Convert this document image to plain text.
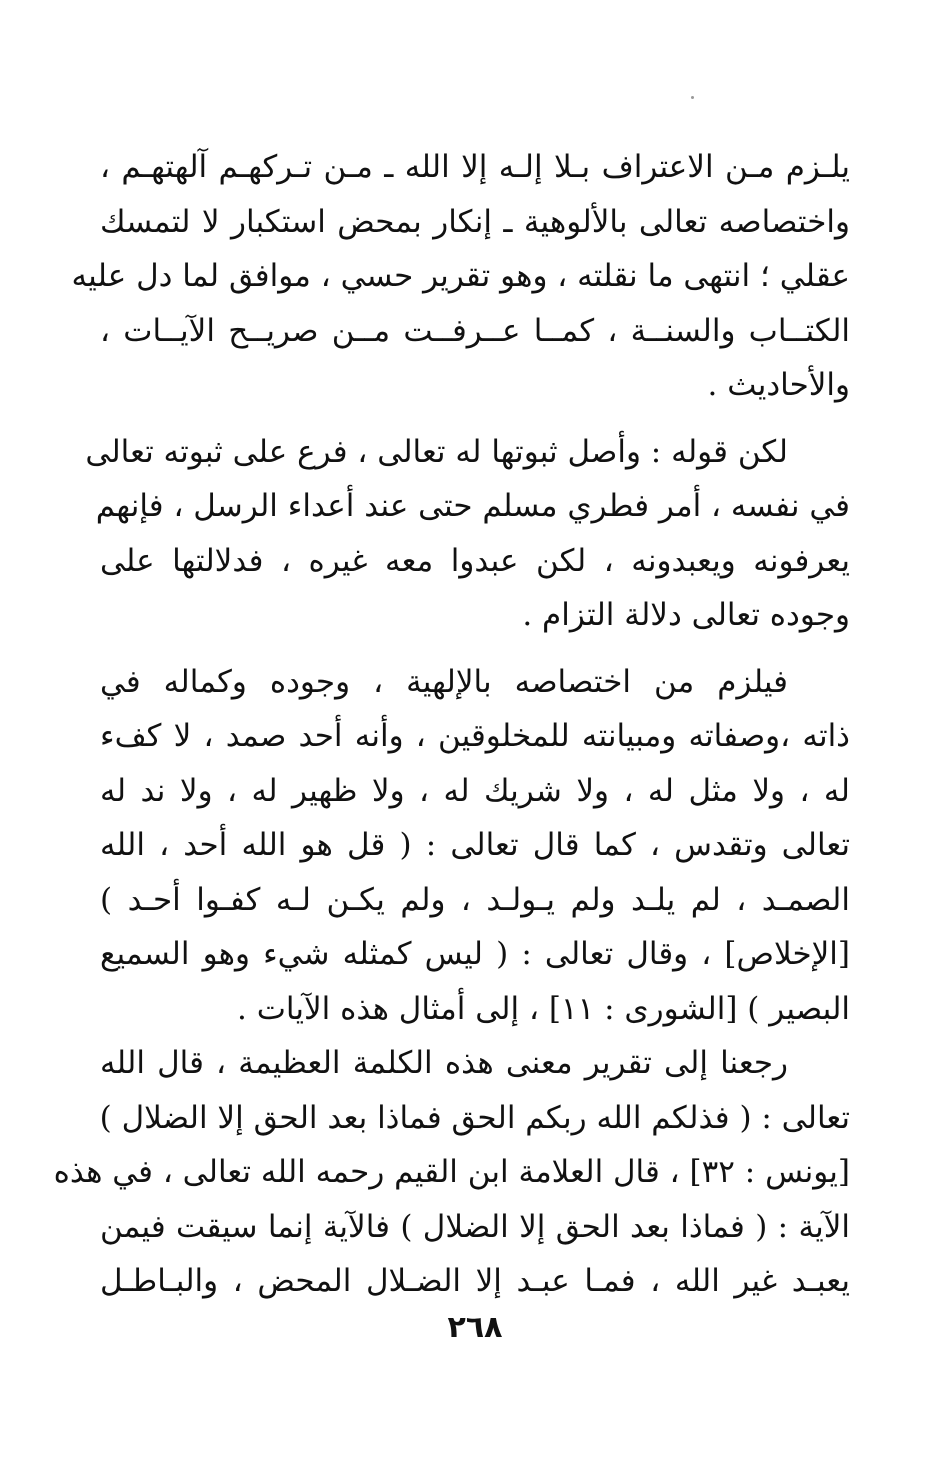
يلـزم مـن الاعتراف بـلا إلـه إلا الله ـ مـن تـركهـم آلهتهـم ،
واختصاصه تعالى بالألوهية ـ إنكار بمحض استكبار لا لتمسك
عقلي ؛ انتهى ما نقلته ، وهو تقرير حسي ، موافق لما دل عليه
الكتــاب والسنــة ، كمــا عــرفــت مــن صريــح الآيــات ،
والأحاديث .
لكن قوله : وأصل ثبوتها له تعالى ، فرع على ثبوته تعالى
في نفسه ، أمر فطري مسلم حتى عند أعداء الرسل ، فإنهم
يعرفونه ويعبدونه ، لكن عبدوا معه غيره ، فدلالتها على
وجوده تعالى دلالة التزام .
فيلزم من اختصاصه بالإلهية ، وجوده وكماله في
ذاته ،وصفاته ومبيانته للمخلوقين ، وأنه أحد صمد ، لا كفء
له ، ولا مثل له ، ولا شريك له ، ولا ظهير له ، ولا ند له
تعالى وتقدس ، كما قال تعالى : ( قل هو الله أحد ، الله
الصمـد ، لم يلـد ولم يـولـد ، ولم يكـن لـه كفـوا أحـد )
[الإخلاص] ، وقال تعالى : ( ليس كمثله شيء وهو السميع
البصير ) [الشورى : ١١] ، إلى أمثال هذه الآيات .
رجعنا إلى تقرير معنى هذه الكلمة العظيمة ، قال الله
تعالى : ( فذلكم الله ربكم الحق فماذا بعد الحق إلا الضلال )
[يونس : ٣٢] ، قال العلامة ابن القيم رحمه الله تعالى ، في هذه
الآية : ( فماذا بعد الحق إلا الضلال ) فالآية إنما سيقت فيمن
يعبـد غير الله ، فمـا عبـد إلا الضـلال المحض ، والبـاطـل
٢٦٨
